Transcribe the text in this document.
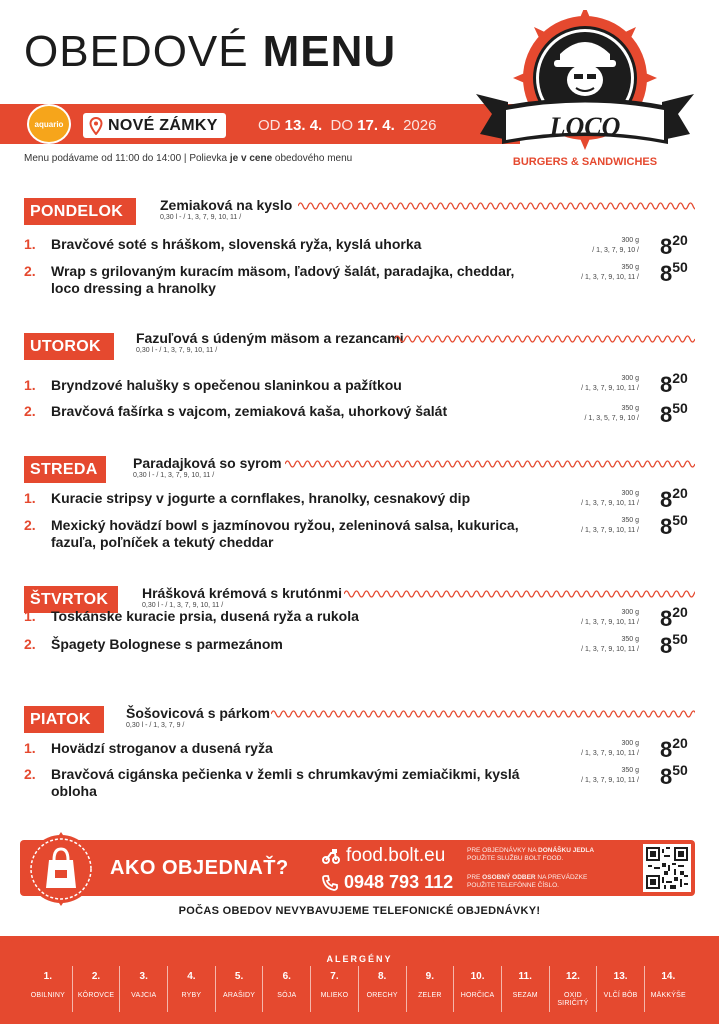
OBEDOVÉ MENU
aquario	NOVÉ ZÁMKY	OD 13. 4. DO 17. 4. 2026
Menu podávame od 11:00 do 14:00 | Polievka je v cene obedového menu
LOCO
BURGERS & SANDWICHES
PONDELOK	Zemiaková na kyslo
0,30 l - / 1, 3, 7, 9, 10, 11 /
1. Bravčové soté s hráškom, slovenská ryža, kyslá uhorka	300 g
/ 1, 3, 7, 9, 10 / 820
2. Wrap s grilovaným kuracím mäsom, ľadový šalát, paradajka, cheddar, loco dressing a hranolky
350 g
/ 1, 3, 7, 9, 10, 11 / 850
UTOROK	Fazuľová s údeným mäsom a rezancami
0,30 l - / 1, 3, 7, 9, 10, 11 /
1. Bryndzové halušky s opečenou slaninkou a pažítkou	300 g
/ 1, 3, 7, 9, 10, 11 / 820
2. Bravčová fašírka s vajcom, zemiaková kaša, uhorkový šalát	350 g
/ 1, 3, 5, 7, 9, 10 / 850
STREDA	Paradajková so syrom
0,30 l - / 1, 3, 7, 9, 10, 11 /
1. Kuracie stripsy v jogurte a cornflakes, hranolky, cesnakový dip	300 g
/ 1, 3, 7, 9, 10, 11 / 820
2. Mexický hovädzí bowl s jazmínovou ryžou, zeleninová salsa, kukurica, fazuľa, poľníček a tekutý cheddar
350 g
/ 1, 3, 7, 9, 10, 11 / 850
ŠTVRTOK	Hrášková krémová s krutónmi
0,30 l - / 1, 3, 7, 9, 10, 11 /
1. Toskánske kuracie prsia, dusená ryža a rukola	300 g
/ 1, 3, 7, 9, 10, 11 / 820
2. Špagety Bolognese s parmezánom	350 g
/ 1, 3, 7, 9, 10, 11 / 850
PIATOK	Šošovicová s párkom
0,30 l - / 1, 3, 7, 9 /
1. Hovädzí stroganov a dusená ryža	300 g
/ 1, 3, 7, 9, 10, 11 / 820
2. Bravčová cigánska pečienka v žemli s chrumkavými zemiačikmi, kyslá obloha
350 g
/ 1, 3, 7, 9, 10, 11 / 850
AKO OBJEDNAŤ?
food.bolt.eu
0948 793 112
PRE OBJEDNÁVKY NA DONÁŠKU JEDLA
POUŽITE SLUŽBU BOLT FOOD.
PRE OSOBNÝ ODBER NA PREVÁDZKE
POUŽITE TELEFÓNNE ČÍSLO.
POČAS OBEDOV NEVYBAVUJEME TELEFONICKÉ OBJEDNÁVKY!
ALERGÉNY
1.
OBILNINY
2.
KÔROVCE
3.
VAJCIA
4.
RYBY
5.
ARAŠIDY
6.
SÓJA
7.
MLIEKO
8.
ORECHY
9.
ZELER
10.
HORČICA
11.
SEZAM
12.
OXID SIRIČITÝ
13.
VLČÍ BÔB
14.
MÄKKÝŠE
